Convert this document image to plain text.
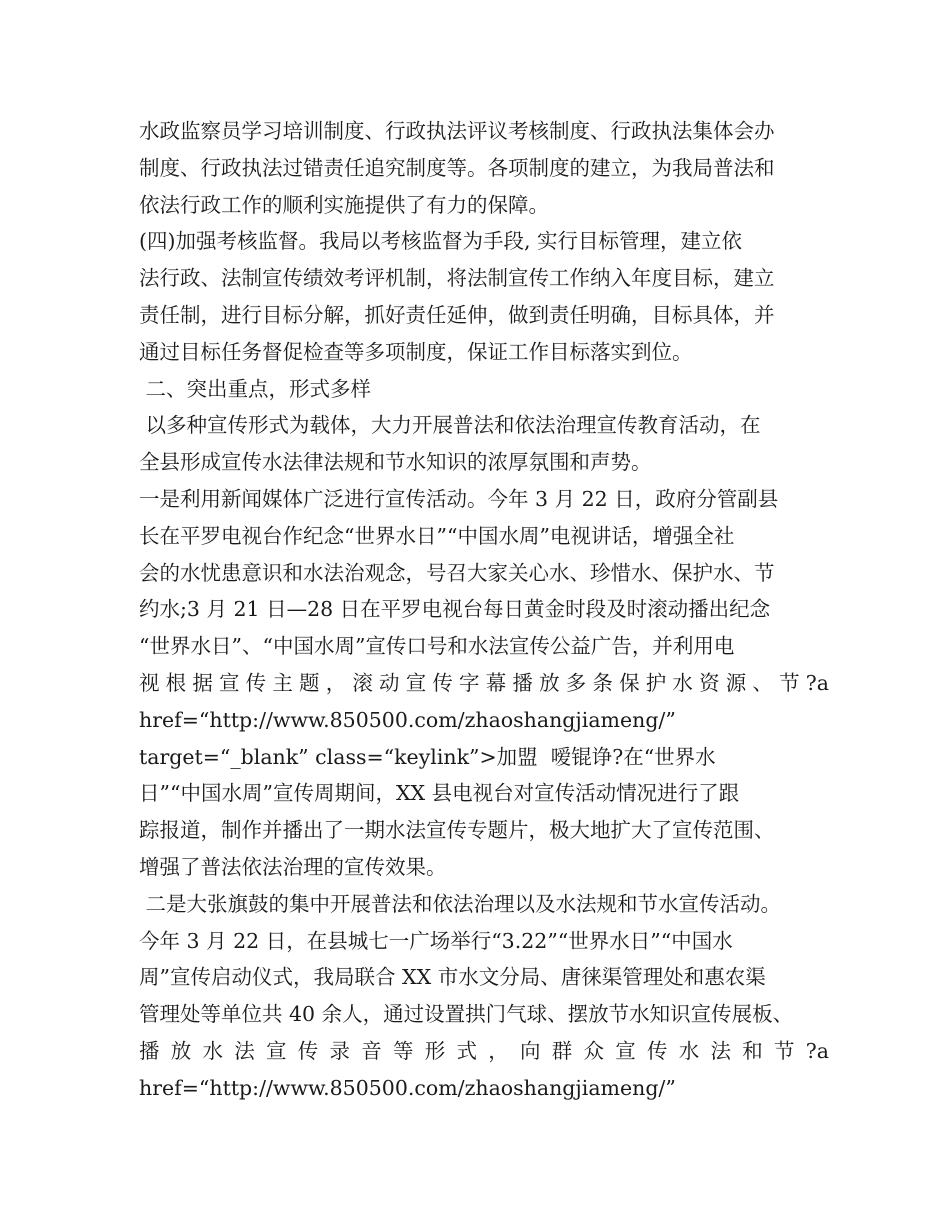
水政监察员学习培训制度、行政执法评议考核制度、行政执法集体会办
制度、行政执法过错责任追究制度等。各项制度的建立，为我局普法和
依法行政工作的顺利实施提供了有力的保障。
(四)加强考核监督。我局以考核监督为手段, 实行目标管理，建立依
法行政、法制宣传绩效考评机制，将法制宣传工作纳入年度目标，建立
责任制，进行目标分解，抓好责任延伸，做到责任明确，目标具体，并
通过目标任务督促检查等多项制度，保证工作目标落实到位。
二、突出重点，形式多样
以多种宣传形式为载体，大力开展普法和依法治理宣传教育活动，在
全县形成宣传水法律法规和节水知识的浓厚氛围和声势。
一是利用新闻媒体广泛进行宣传活动。今年 3 月 22 日，政府分管副县
长在平罗电视台作纪念“世界水日”“中国水周”电视讲话，增强全社
会的水忧患意识和水法治观念，号召大家关心水、珍惜水、保护水、节
约水;3 月 21 日—28 日在平罗电视台每日黄金时段及时滚动播出纪念
“世界水日”、“中国水周”宣传口号和水法宣传公益广告，并利用电
视根据宣传主题，滚动宣传字幕播放多条保护水资源、节?a
href=“http://www.850500.com/zhaoshangjiameng/”
target=“_blank” class=“keylink”>加盟  嗳锟诤?在“世界水
日”“中国水周”宣传周期间，XX 县电视台对宣传活动情况进行了跟
踪报道，制作并播出了一期水法宣传专题片，极大地扩大了宣传范围、
增强了普法依法治理的宣传效果。
二是大张旗鼓的集中开展普法和依法治理以及水法规和节水宣传活动。
今年 3 月 22 日，在县城七一广场举行“3.22”“世界水日”“中国水
周”宣传启动仪式，我局联合 XX 市水文分局、唐徕渠管理处和惠农渠
管理处等单位共 40 余人，通过设置拱门气球、摆放节水知识宣传展板、
播放水法宣传录音等形式，向群众宣传水法和节?a
href=“http://www.850500.com/zhaoshangjiameng/”
